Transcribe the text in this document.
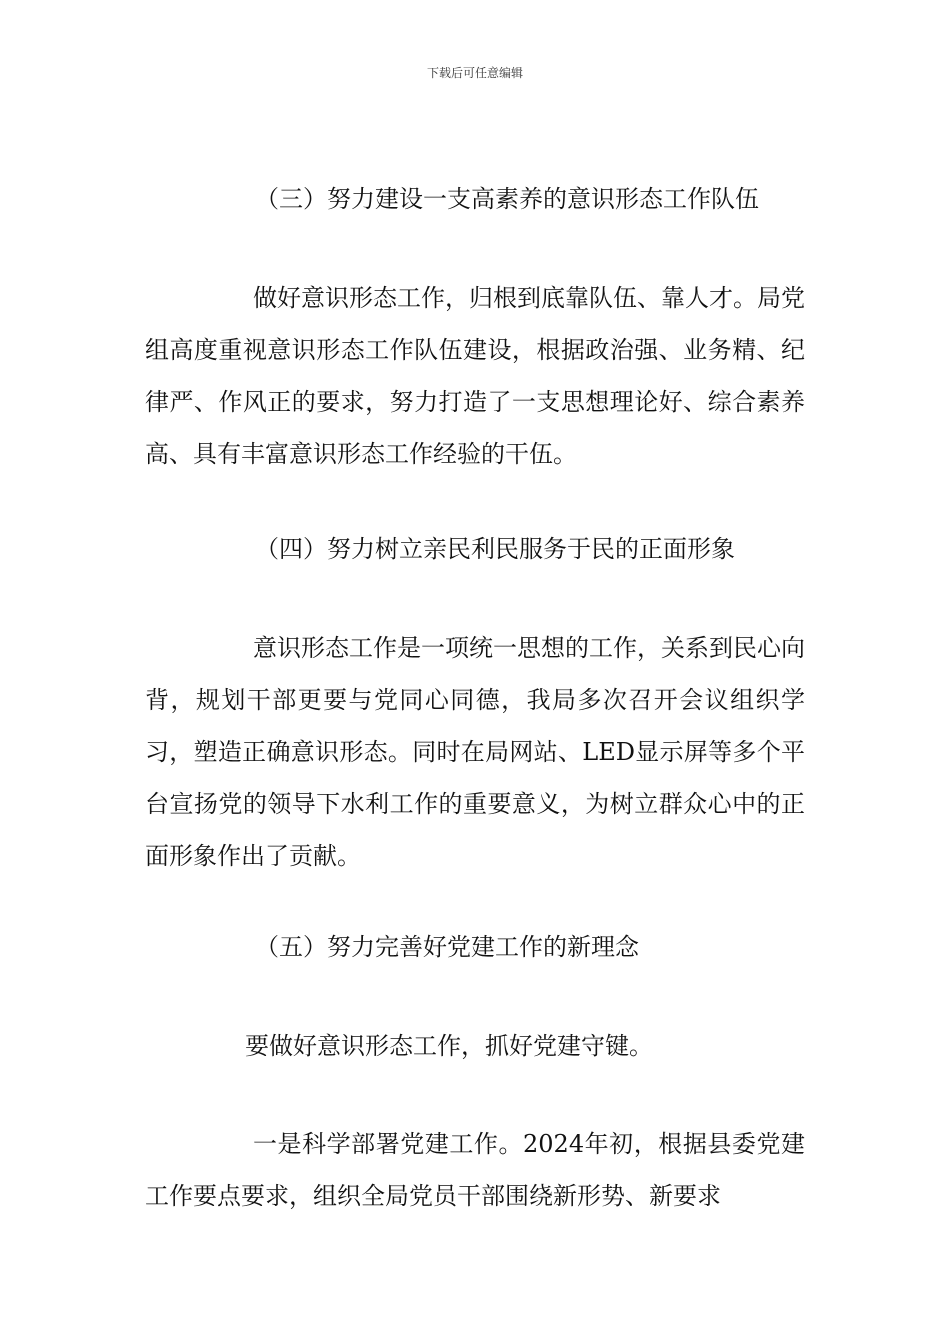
下载后可任意编辑
（三）努力建设一支高素养的意识形态工作队伍
做好意识形态工作，归根到底靠队伍、靠人才。局党组高度重视意识形态工作队伍建设，根据政治强、业务精、纪律严、作风正的要求，努力打造了一支思想理论好、综合素养高、具有丰富意识形态工作经验的干伍。
（四）努力树立亲民利民服务于民的正面形象
意识形态工作是一项统一思想的工作，关系到民心向背，规划干部更要与党同心同德，我局多次召开会议组织学习，塑造正确意识形态。同时在局网站、LED显示屏等多个平台宣扬党的领导下水利工作的重要意义，为树立群众心中的正面形象作出了贡献。
（五）努力完善好党建工作的新理念
要做好意识形态工作，抓好党建守键。
一是科学部署党建工作。2024年初，根据县委党建工作要点要求，组织全局党员干部围绕新形势、新要求
